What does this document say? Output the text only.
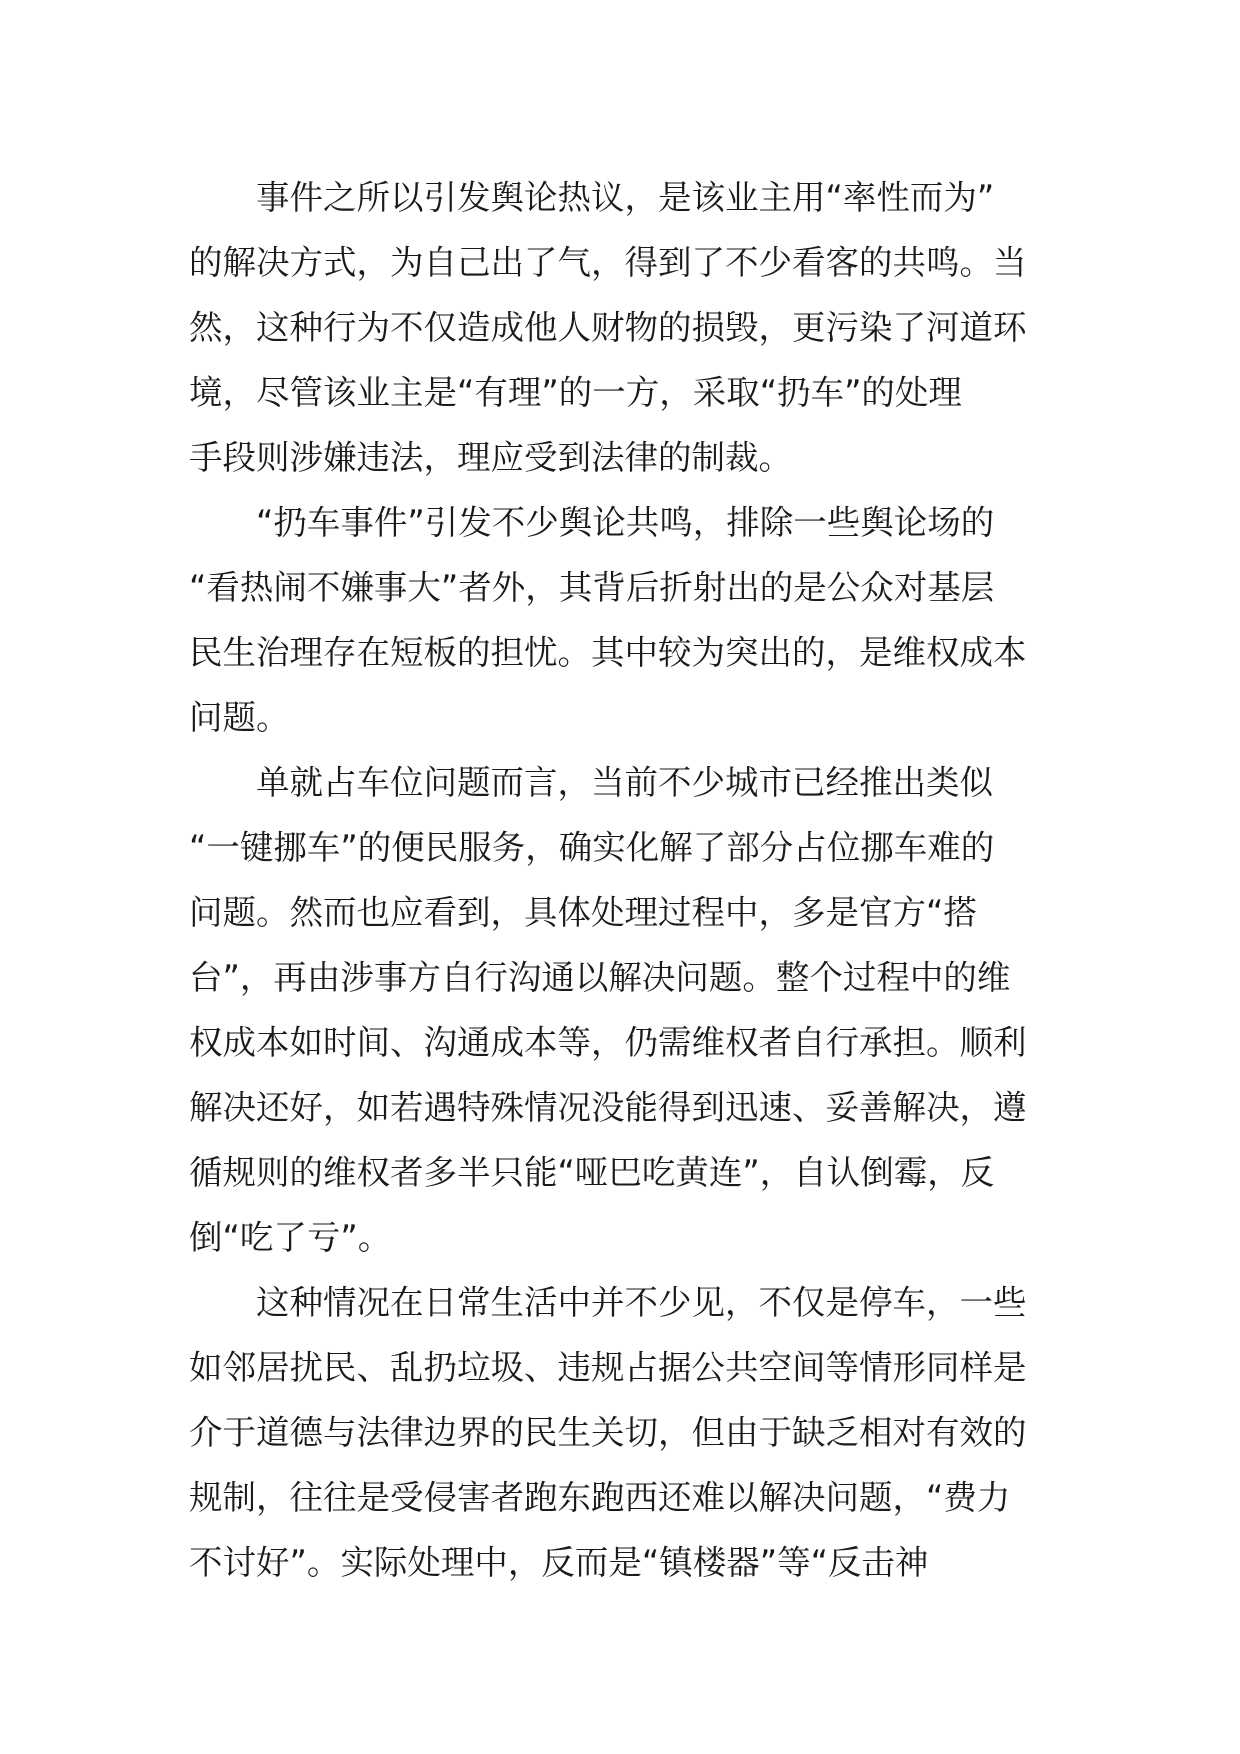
　　事件之所以引发舆论热议，是该业主用“率性而为”
的解决方式，为自己出了气，得到了不少看客的共鸣。当
然，这种行为不仅造成他人财物的损毁，更污染了河道环
境，尽管该业主是“有理”的一方，采取“扔车”的处理
手段则涉嫌违法，理应受到法律的制裁。
　　“扔车事件”引发不少舆论共鸣，排除一些舆论场的
“看热闹不嫌事大”者外，其背后折射出的是公众对基层
民生治理存在短板的担忧。其中较为突出的，是维权成本
问题。
　　单就占车位问题而言，当前不少城市已经推出类似
“一键挪车”的便民服务，确实化解了部分占位挪车难的
问题。然而也应看到，具体处理过程中，多是官方“搭
台”，再由涉事方自行沟通以解决问题。整个过程中的维
权成本如时间、沟通成本等，仍需维权者自行承担。顺利
解决还好，如若遇特殊情况没能得到迅速、妥善解决，遵
循规则的维权者多半只能“哑巴吃黄连”，自认倒霉，反
倒“吃了亏”。
　　这种情况在日常生活中并不少见，不仅是停车，一些
如邻居扰民、乱扔垃圾、违规占据公共空间等情形同样是
介于道德与法律边界的民生关切，但由于缺乏相对有效的
规制，往往是受侵害者跑东跑西还难以解决问题，“费力
不讨好”。实际处理中，反而是“镇楼器”等“反击神
